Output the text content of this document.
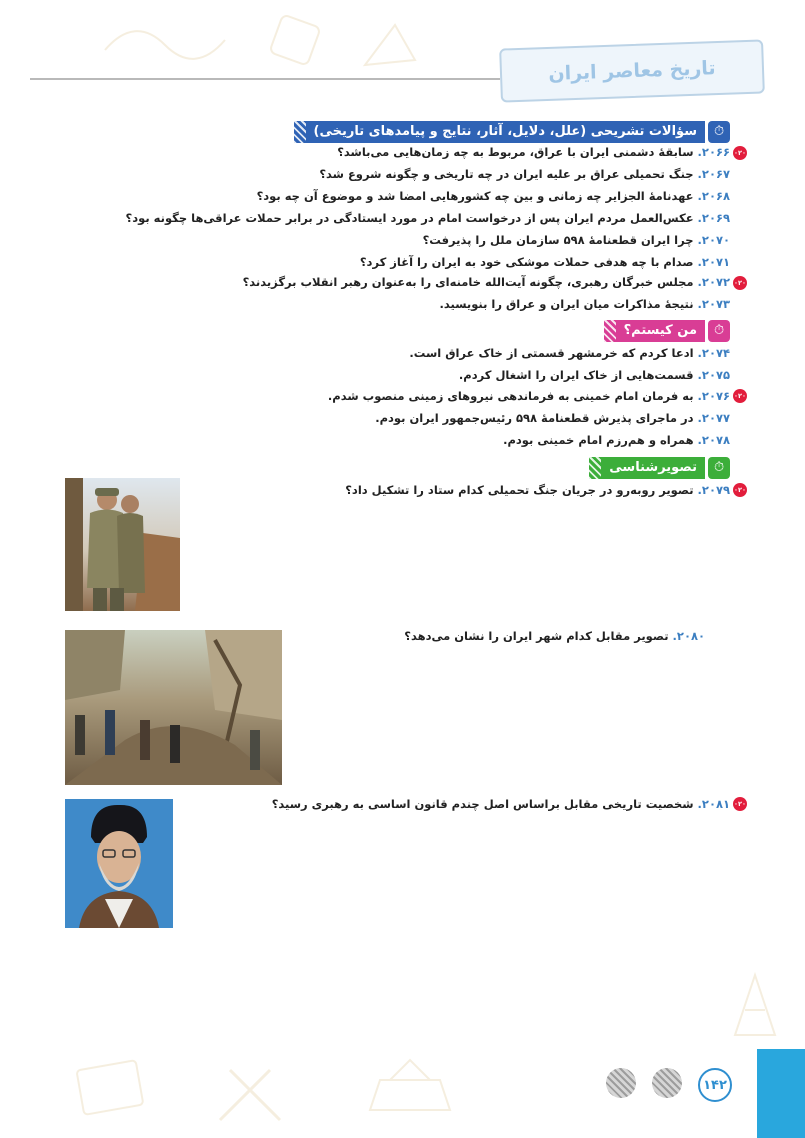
تاریخ معاصر ایران
⏱
سؤالات تشریحی (علل، دلایل، آثار، نتایج و پیامدهای تاریخی)
۲۰۶۶.
سابقۀ دشمنی ایران با عراق، مربوط به چه زمان‌هایی می‌باشد؟	۰۲۰
۲۰۶۷.
جنگ تحمیلی عراق بر علیه ایران در چه تاریخی و چگونه شروع شد؟
۲۰۶۸.
عهدنامۀ الجزایر چه زمانی و بین چه کشورهایی امضا شد و موضوع آن چه بود؟
۲۰۶۹.
عکس‌العمل مردم ایران پس از درخواست امام در مورد ایستادگی در برابر حملات عراقی‌ها چگونه بود؟
۲۰۷۰.
چرا ایران قطعنامۀ ۵۹۸ سازمان ملل را پذیرفت؟
۲۰۷۱.
صدام با چه هدفی حملات موشکی خود به ایران را آغاز کرد؟
۲۰۷۲.
مجلس خبرگان رهبری، چگونه آیت‌الله خامنه‌ای را به‌عنوان رهبر انقلاب برگزیدند؟	۰۲۰
۲۰۷۳.
نتیجۀ مذاکرات میان ایران و عراق را بنویسید.
⏱
من کیستم؟
۲۰۷۴.
ادعا کردم که خرمشهر قسمتی از خاک عراق است.
۲۰۷۵.
قسمت‌هایی از خاک ایران را اشغال کردم.
۲۰۷۶.
به فرمان امام خمینی به فرماندهی نیروهای زمینی منصوب شدم.	۰۲۰
۲۰۷۷.
در ماجرای پذیرش قطعنامۀ ۵۹۸ رئیس‌جمهور ایران بودم.
۲۰۷۸.
همراه و هم‌رزم امام خمینی بودم.
⏱
تصویرشناسی
۲۰۷۹.
تصویر روبه‌رو در جریان جنگ تحمیلی کدام ستاد را تشکیل داد؟	۰۲۰
۲۰۸۰.
تصویر مقابل کدام شهر ایران را نشان می‌دهد؟
۲۰۸۱.
شخصیت تاریخی مقابل براساس اصل چندم قانون اساسی به رهبری رسید؟	۰۲۰
۱۴۲
